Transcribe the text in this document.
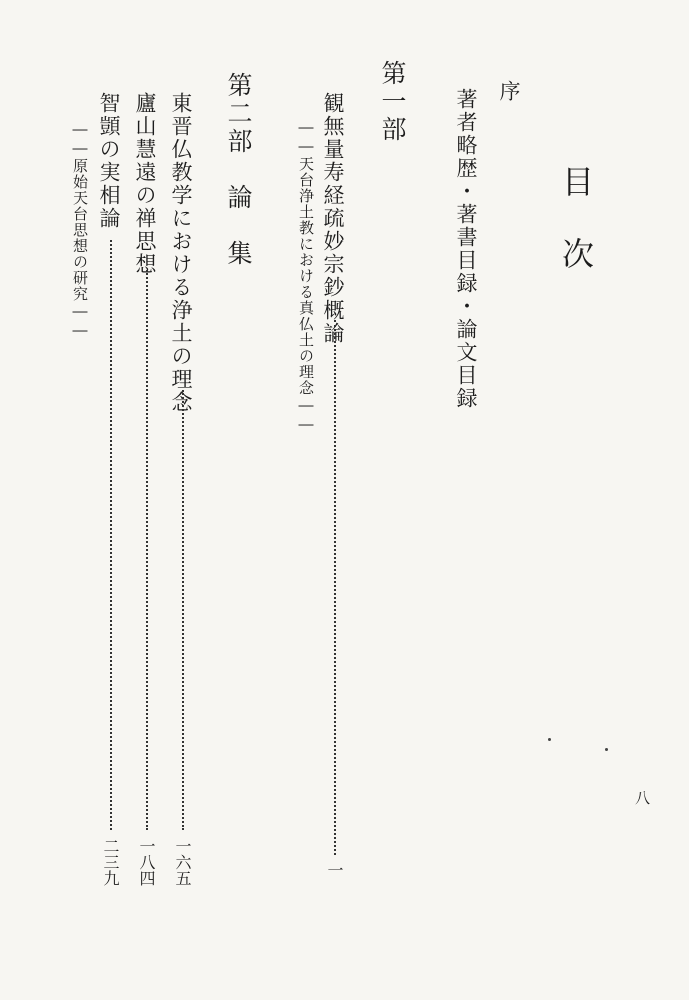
目次
序
著者略歴・著書目録・論文目録
第一部
観無量寿経疏妙宗鈔概論
一
――天台浄土教における真仏土の理念――
第二部　論　集
東晋仏教学における浄土の理念
一六五
廬山慧遠の禅思想
一八四
智顗の実相論
二三九
――原始天台思想の研究――
八
